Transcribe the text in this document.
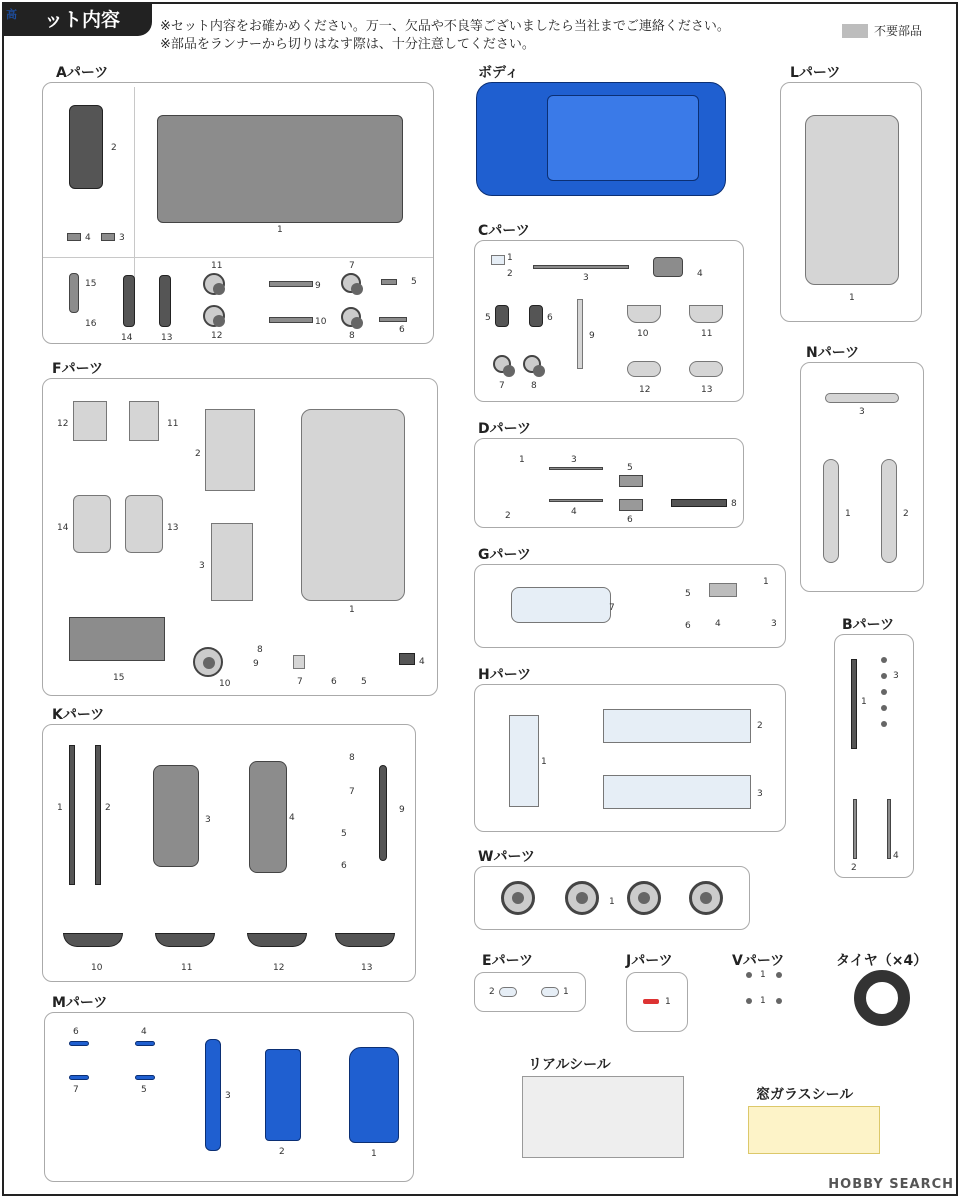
ット内容
高
※セット内容をお確かめください。万一、欠品や不良等ございましたら当社までご連絡ください。
※部品をランナーから切りはなす際は、十分注意してください。
不要部品
Aパーツ
2
4	3
1
15
16
14	13
11
12
9
10
7
8
5
6
ボディ	Lパーツ
1
Cパーツ
1
2	3	4
5	6
9	10	11
7	8	12	13
Nパーツ
3
1	2
Fパーツ
12	11
14	13
2
3
1
15
10
8
9
7	6	5
4
Dパーツ
1	3
2	4
5
6
8
Gパーツ
7
5
6
1
4	3	Bパーツ
1
3
2
4
Hパーツ
1
2
3
Kパーツ
1	2
3	4
8
7
5
6
9
10	11	12	13
Wパーツ
1
Eパーツ
2	1
Jパーツ
1
Vパーツ
1
1
タイヤ（×4）
Mパーツ
6	4
7	5
3
2	1
リアルシール
窓ガラスシール
HOBBY SEARCH
